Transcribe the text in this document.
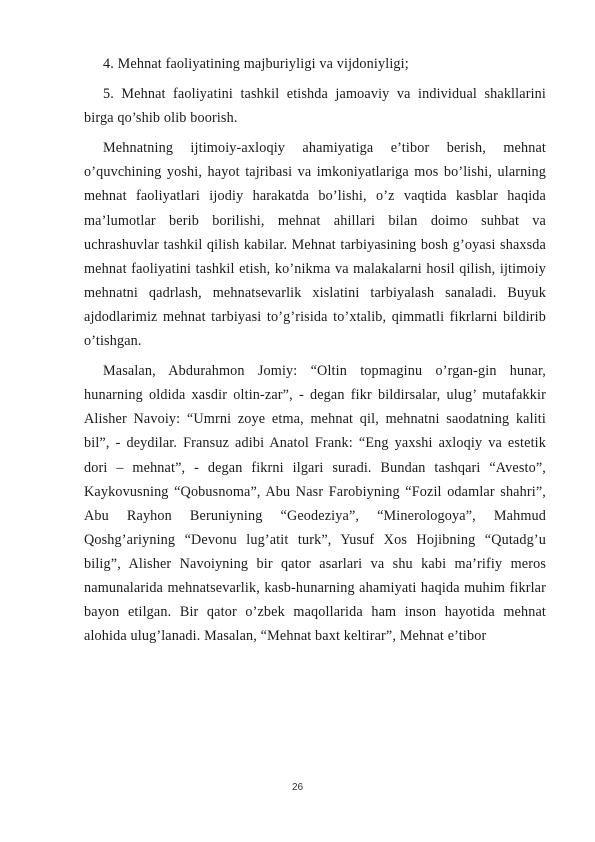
4. Mehnat faoliyatining majburiyligi va vijdoniyligi;

5. Mehnat faoliyatini tashkil etishda jamoaviy va individual shakllarini birga qo’shib olib boorish.

Mehnatning ijtimoiy-axloqiy ahamiyatiga e’tibor berish, mehnat o’quvchining yoshi, hayot tajribasi va imkoniyatlariga mos bo’lishi, ularning mehnat faoliyatlari ijodiy harakatda bo’lishi, o’z vaqtida kasblar haqida ma’lumotlar berib borilishi, mehnat ahillari bilan doimo suhbat va uchrashuvlar tashkil qilish kabilar. Mehnat tarbiyasining bosh g’oyasi shaxsda mehnat faoliyatini tashkil etish, ko’nikma va malakalarni hosil qilish, ijtimoiy mehnatni qadrlash, mehnatsevarlik xislatini tarbiyalash sanaladi. Buyuk ajdodlarimiz mehnat tarbiyasi to’g’risida to’xtalib, qimmatli fikrlarni bildirib o’tishgan.

Masalan, Abdurahmon Jomiy: “Oltin topmaginu o’rgan-gin hunar, hunarning oldida xasdir oltin-zar”, - degan fikr bildirsalar, ulug’ mutafakkir Alisher Navoiy: “Umrni zoye etma, mehnat qil, mehnatni saodatning kaliti bil”, - deydilar. Fransuz adibi Anatol Frank: “Eng yaxshi axloqiy va estetik dori – mehnat”, - degan fikrni ilgari suradi. Bundan tashqari “Avesto”, Kaykovusning “Qobusnoma”, Abu Nasr Farobiyning “Fozil odamlar shahri”, Abu Rayhon Beruniyning “Geodeziya”, “Minerologoya”, Mahmud Qoshg’ariyning “Devonu lug’atit turk”, Yusuf Xos Hojibning “Qutadg’u bilig”, Alisher Navoiyning bir qator asarlari va shu kabi ma’rifiy meros namunalarida mehnatsevarlik, kasb-hunarning ahamiyati haqida muhim fikrlar bayon etilgan. Bir qator o’zbek maqollarida ham inson hayotida mehnat alohida ulug’lanadi. Masalan, “Mehnat baxt keltirar”, Mehnat e’tibor

26
